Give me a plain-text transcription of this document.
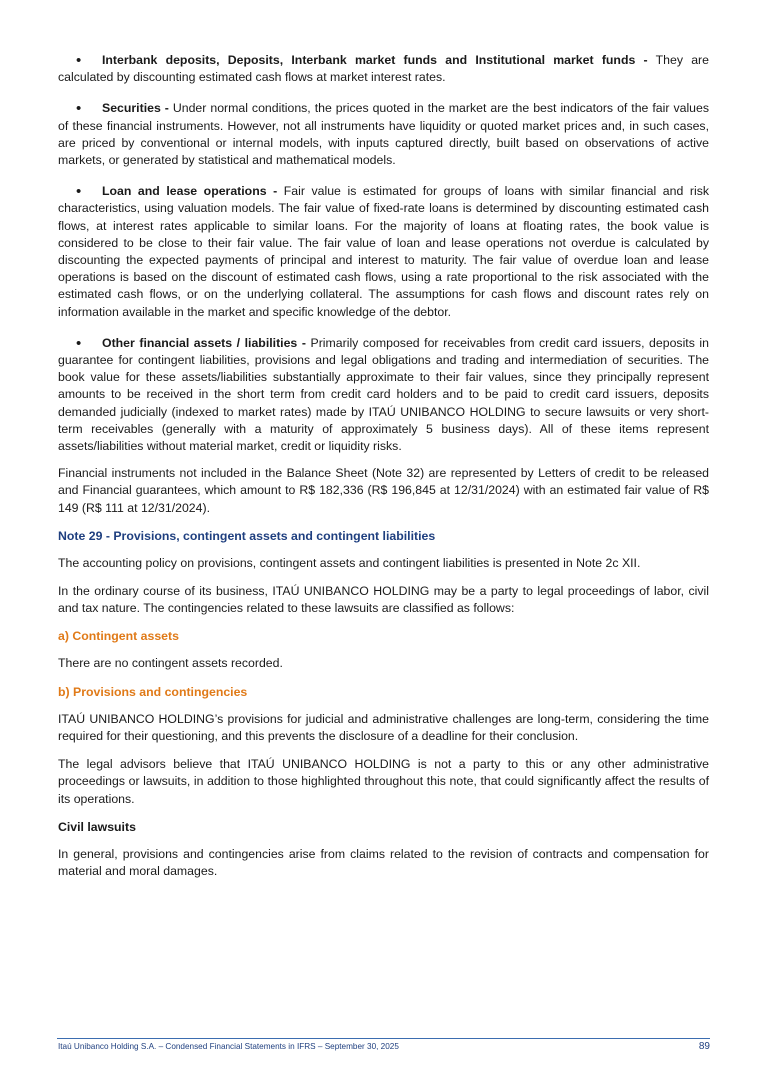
• Interbank deposits, Deposits, Interbank market funds and Institutional market funds - They are calculated by discounting estimated cash flows at market interest rates.

• Securities - Under normal conditions, the prices quoted in the market are the best indicators of the fair values of these financial instruments. However, not all instruments have liquidity or quoted market prices and, in such cases, are priced by conventional or internal models, with inputs captured directly, built based on observations of active markets, or generated by statistical and mathematical models.

• Loan and lease operations - Fair value is estimated for groups of loans with similar financial and risk characteristics, using valuation models. The fair value of fixed-rate loans is determined by discounting estimated cash flows, at interest rates applicable to similar loans. For the majority of loans at floating rates, the book value is considered to be close to their fair value. The fair value of loan and lease operations not overdue is calculated by discounting the expected payments of principal and interest to maturity. The fair value of overdue loan and lease operations is based on the discount of estimated cash flows, using a rate proportional to the risk associated with the estimated cash flows, or on the underlying collateral. The assumptions for cash flows and discount rates rely on information available in the market and specific knowledge of the debtor.

• Other financial assets / liabilities - Primarily composed for receivables from credit card issuers, deposits in guarantee for contingent liabilities, provisions and legal obligations and trading and intermediation of securities. The book value for these assets/liabilities substantially approximate to their fair values, since they principally represent amounts to be received in the short term from credit card holders and to be paid to credit card issuers, deposits demanded judicially (indexed to market rates) made by ITAÚ UNIBANCO HOLDING to secure lawsuits or very short-term receivables (generally with a maturity of approximately 5 business days). All of these items represent assets/liabilities without material market, credit or liquidity risks.

Financial instruments not included in the Balance Sheet (Note 32) are represented by Letters of credit to be released and Financial guarantees, which amount to R$ 182,336 (R$ 196,845 at 12/31/2024) with an estimated fair value of R$ 149 (R$ 111 at 12/31/2024).

Note 29 - Provisions, contingent assets and contingent liabilities

The accounting policy on provisions, contingent assets and contingent liabilities is presented in Note 2c XII.

In the ordinary course of its business, ITAÚ UNIBANCO HOLDING may be a party to legal proceedings of labor, civil and tax nature. The contingencies related to these lawsuits are classified as follows:

a) Contingent assets

There are no contingent assets recorded.

b) Provisions and contingencies

ITAÚ UNIBANCO HOLDING’s provisions for judicial and administrative challenges are long-term, considering the time required for their questioning, and this prevents the disclosure of a deadline for their conclusion.

The legal advisors believe that ITAÚ UNIBANCO HOLDING is not a party to this or any other administrative proceedings or lawsuits, in addition to those highlighted throughout this note, that could significantly affect the results of its operations.

Civil lawsuits

In general, provisions and contingencies arise from claims related to the revision of contracts and compensation for material and moral damages.

Itaú Unibanco Holding S.A. – Condensed Financial Statements in IFRS – September 30, 2025	89
